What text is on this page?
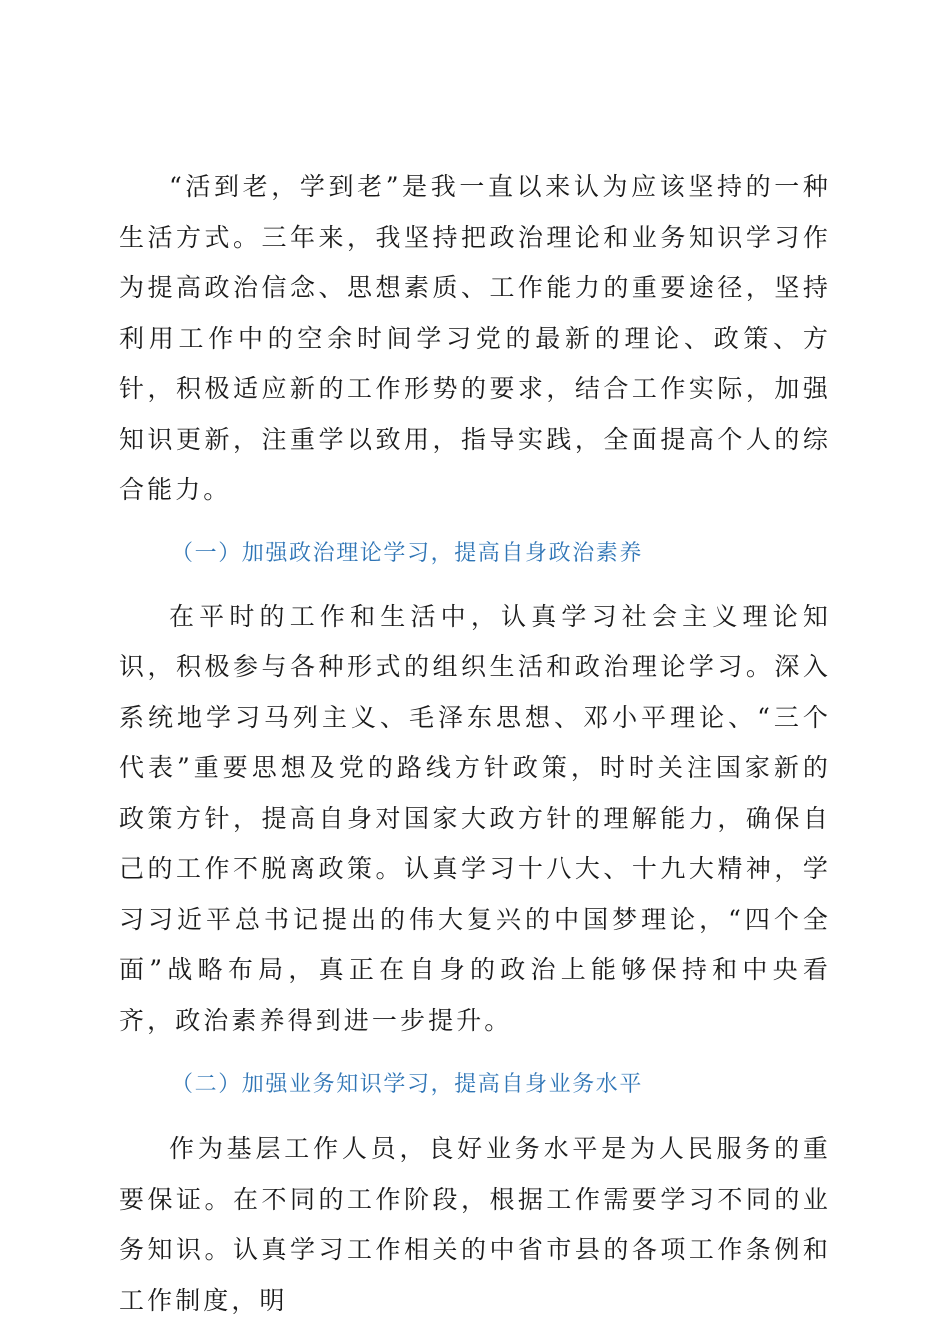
“活到老，学到老”是我一直以来认为应该坚持的一种生活方式。三年来，我坚持把政治理论和业务知识学习作为提高政治信念、思想素质、工作能力的重要途径，坚持利用工作中的空余时间学习党的最新的理论、政策、方针，积极适应新的工作形势的要求，结合工作实际，加强知识更新，注重学以致用，指导实践，全面提高个人的综合能力。

（一）加强政治理论学习，提高自身政治素养

在平时的工作和生活中，认真学习社会主义理论知识，积极参与各种形式的组织生活和政治理论学习。深入系统地学习马列主义、毛泽东思想、邓小平理论、“三个代表”重要思想及党的路线方针政策，时时关注国家新的政策方针，提高自身对国家大政方针的理解能力，确保自己的工作不脱离政策。认真学习十八大、十九大精神，学习习近平总书记提出的伟大复兴的中国梦理论，“四个全面”战略布局，真正在自身的政治上能够保持和中央看齐，政治素养得到进一步提升。

（二）加强业务知识学习，提高自身业务水平

作为基层工作人员，良好业务水平是为人民服务的重要保证。在不同的工作阶段，根据工作需要学习不同的业务知识。认真学习工作相关的中省市县的各项工作条例和工作制度，明
